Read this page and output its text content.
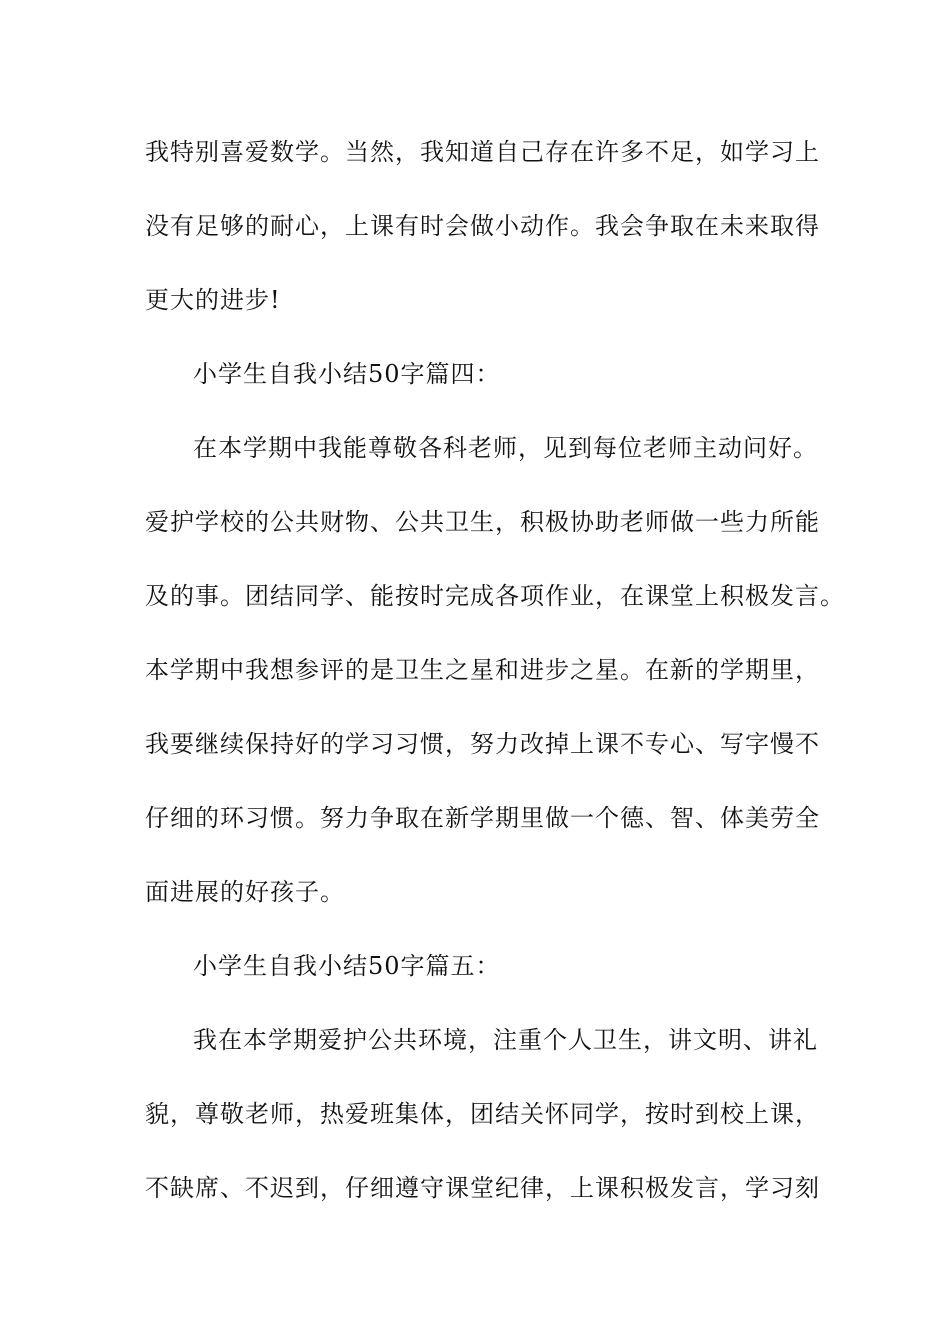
我特别喜爱数学。当然，我知道自己存在许多不足，如学习上
没有足够的耐心，上课有时会做小动作。我会争取在未来取得
更大的进步!
小学生自我小结50字篇四：
在本学期中我能尊敬各科老师，见到每位老师主动问好。
爱护学校的公共财物、公共卫生，积极协助老师做一些力所能
及的事。团结同学、能按时完成各项作业，在课堂上积极发言。
本学期中我想参评的是卫生之星和进步之星。在新的学期里，
我要继续保持好的学习习惯，努力改掉上课不专心、写字慢不
仔细的环习惯。努力争取在新学期里做一个德、智、体美劳全
面进展的好孩子。
小学生自我小结50字篇五：
我在本学期爱护公共环境，注重个人卫生，讲文明、讲礼
貌，尊敬老师，热爱班集体，团结关怀同学，按时到校上课，
不缺席、不迟到，仔细遵守课堂纪律，上课积极发言，学习刻
